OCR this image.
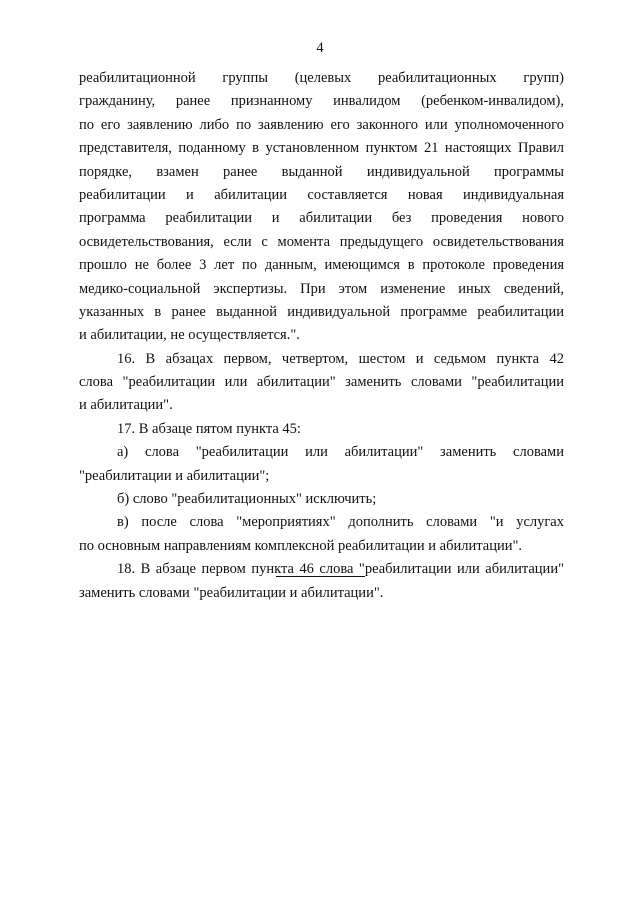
4
реабилитационной группы (целевых реабилитационных групп)
гражданину, ранее признанному инвалидом (ребенком-инвалидом),
по его заявлению либо по заявлению его законного или уполномоченного
представителя, поданному в установленном пунктом 21 настоящих Правил
порядке, взамен ранее выданной индивидуальной программы
реабилитации и абилитации составляется новая индивидуальная
программа реабилитации и абилитации без проведения нового
освидетельствования, если с момента предыдущего освидетельствования
прошло не более 3 лет по данным, имеющимся в протоколе проведения
медико-социальной экспертизы. При этом изменение иных сведений,
указанных в ранее выданной индивидуальной программе реабилитации
и абилитации, не осуществляется.".
16. В абзацах первом, четвертом, шестом и седьмом пункта 42
слова "реабилитации или абилитации" заменить словами "реабилитации
и абилитации".
17. В абзаце пятом пункта 45:
а) слова "реабилитации или абилитации" заменить словами
"реабилитации и абилитации";
б) слово "реабилитационных" исключить;
в) после слова "мероприятиях" дополнить словами "и услугах
по основным направлениям комплексной реабилитации и абилитации".
18. В абзаце первом пункта 46 слова "реабилитации или абилитации"
заменить словами "реабилитации и абилитации".
